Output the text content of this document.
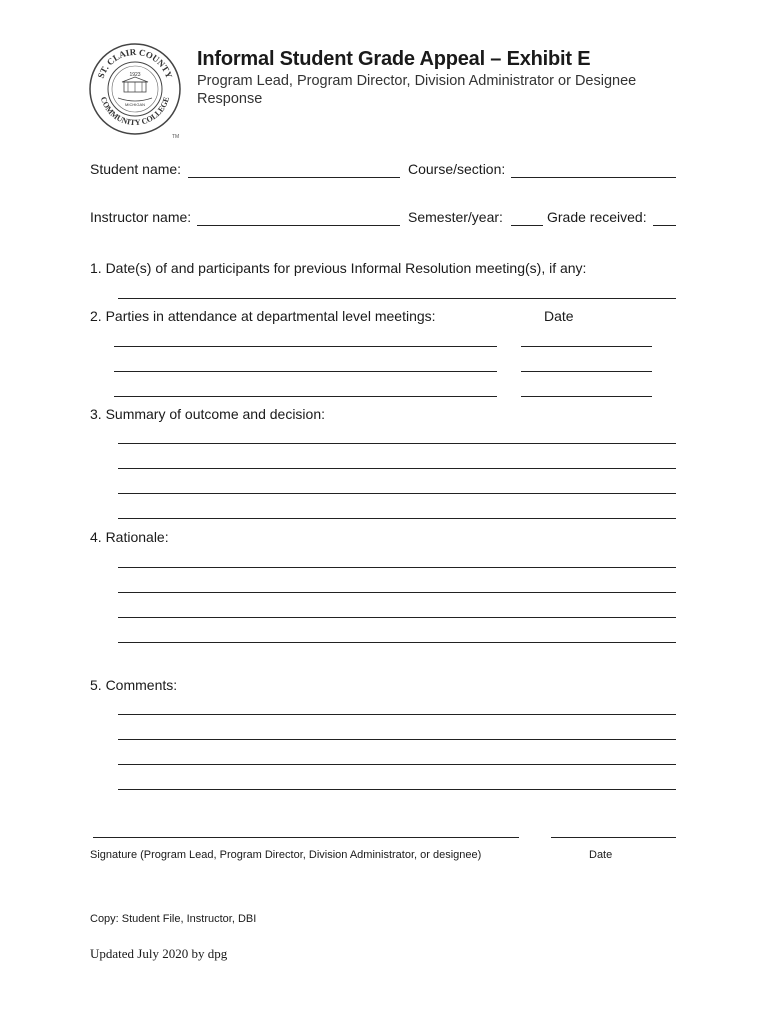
ST. CLAIR COUNTY
COMMUNITY COLLEGE
1923
MICHIGAN
TM
Informal Student Grade Appeal – Exhibit E
Program Lead, Program Director, Division Administrator or Designee Response
Student name:	Course/section:
Instructor name:	Semester/year:	Grade received:
1. Date(s) of and participants for previous Informal Resolution meeting(s), if any:
2. Parties in attendance at departmental level meetings:	Date
3. Summary of outcome and decision:
4. Rationale:
5. Comments:
Signature (Program Lead, Program Director, Division Administrator, or designee)	Date
Copy: Student File, Instructor, DBI
Updated July 2020 by dpg
